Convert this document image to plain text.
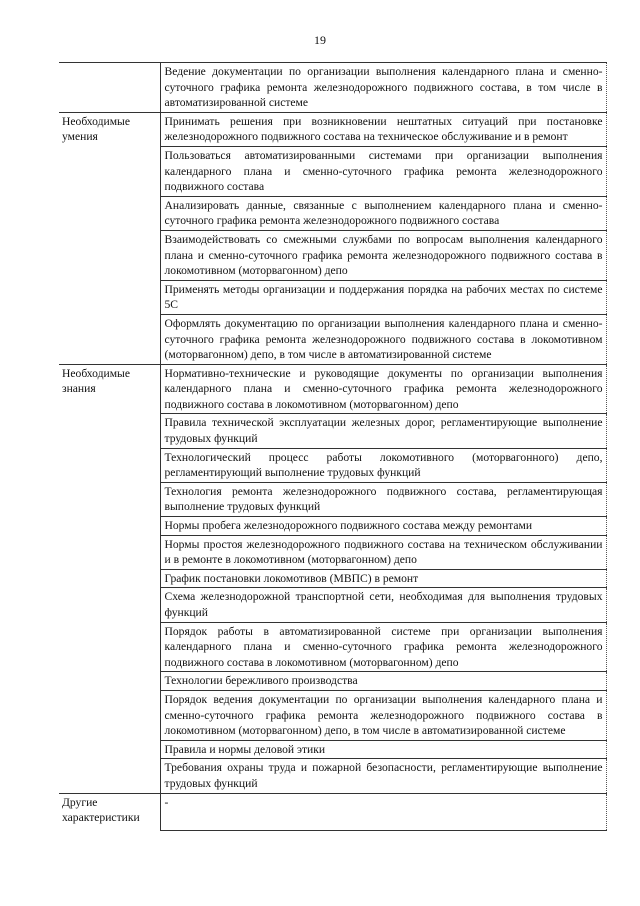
19
	Ведение документации по организации выполнения календарного плана и сменно-суточного графика ремонта железнодорожного подвижного состава, в том числе в автоматизированной системе
Необходимые умения	Принимать решения при возникновении нештатных ситуаций при постановке железнодорожного подвижного состава на техническое обслуживание и в ремонт
	Пользоваться автоматизированными системами при организации выполнения календарного плана и сменно-суточного графика ремонта железнодорожного подвижного состава
	Анализировать данные, связанные с выполнением календарного плана и сменно-суточного графика ремонта железнодорожного подвижного состава
	Взаимодействовать со смежными службами по вопросам выполнения календарного плана и сменно-суточного графика ремонта железнодорожного подвижного состава в локомотивном (моторвагонном) депо
	Применять методы организации и поддержания порядка на рабочих местах по системе 5С
	Оформлять документацию по организации выполнения календарного плана и сменно-суточного графика ремонта железнодорожного подвижного состава в локомотивном (моторвагонном) депо, в том числе в автоматизированной системе
Необходимые знания	Нормативно-технические и руководящие документы по организации выполнения календарного плана и сменно-суточного графика ремонта железнодорожного подвижного состава в локомотивном (моторвагонном) депо
	Правила технической эксплуатации железных дорог, регламентирующие выполнение трудовых функций
	Технологический процесс работы локомотивного (моторвагонного) депо, регламентирующий выполнение трудовых функций
	Технология ремонта железнодорожного подвижного состава, регламентирующая выполнение трудовых функций
	Нормы пробега железнодорожного подвижного состава между ремонтами
	Нормы простоя железнодорожного подвижного состава на техническом обслуживании и в ремонте в локомотивном (моторвагонном) депо
	График постановки локомотивов (МВПС) в ремонт
	Схема железнодорожной транспортной сети, необходимая для выполнения трудовых функций
	Порядок работы в автоматизированной системе при организации выполнения календарного плана и сменно-суточного графика ремонта железнодорожного подвижного состава в локомотивном (моторвагонном) депо
	Технологии бережливого производства
	Порядок ведения документации по организации выполнения календарного плана и сменно-суточного графика ремонта железнодорожного подвижного состава в локомотивном (моторвагонном) депо, в том числе в автоматизированной системе
	Правила и нормы деловой этики
	Требования охраны труда и пожарной безопасности, регламентирующие выполнение трудовых функций
Другие характеристики	-
